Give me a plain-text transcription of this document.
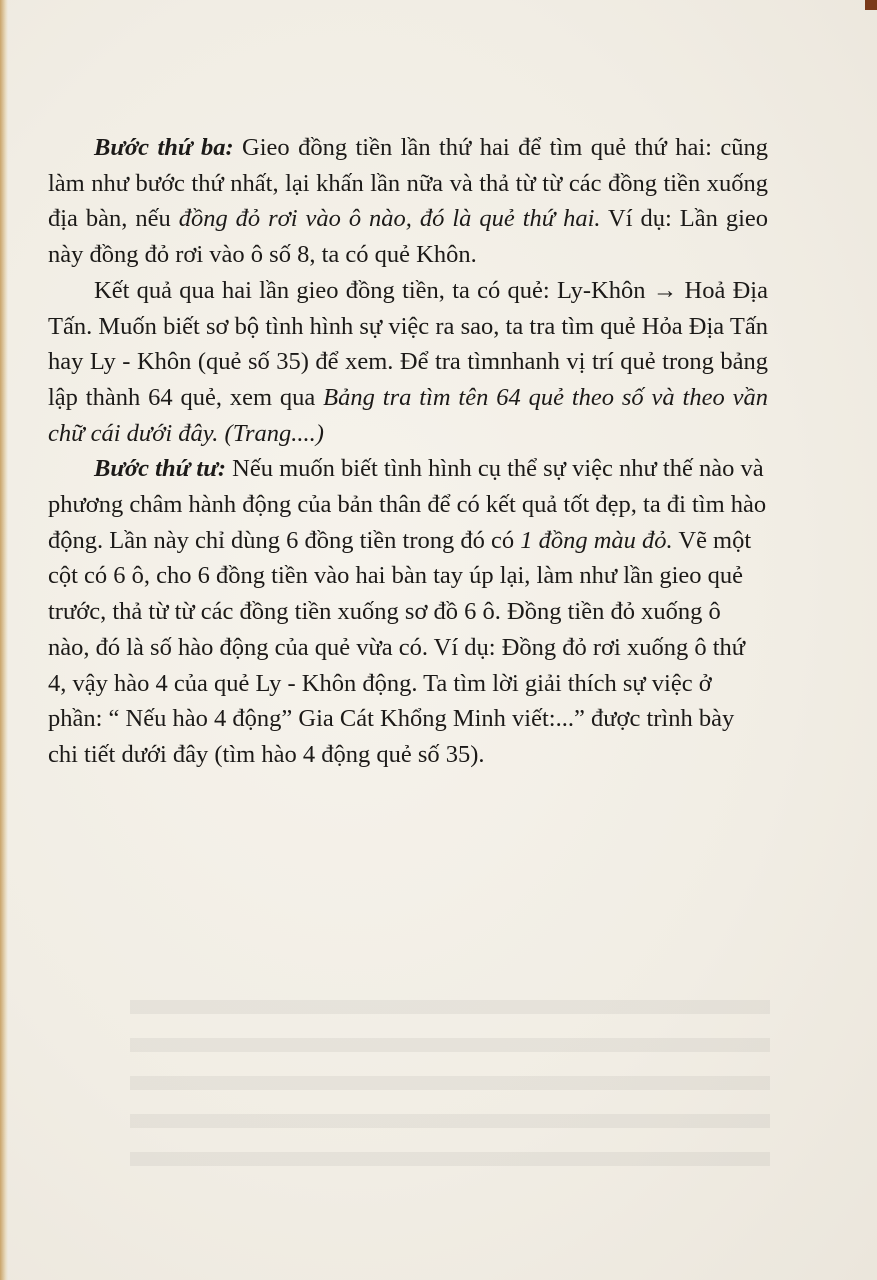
Bước thứ ba: Gieo đồng tiền lần thứ hai để tìm quẻ thứ hai: cũng làm như bước thứ nhất, lại khấn lần nữa và thả từ từ các đồng tiền xuống địa bàn, nếu đồng đỏ rơi vào ô nào, đó là quẻ thứ hai. Ví dụ: Lần gieo này đồng đỏ rơi vào ô số 8, ta có quẻ Khôn.

Kết quả qua hai lần gieo đồng tiền, ta có quẻ: Ly-Khôn → Hoả Địa Tấn. Muốn biết sơ bộ tình hình sự việc ra sao, ta tra tìm quẻ Hỏa Địa Tấn hay Ly - Khôn (quẻ số 35) để xem. Để tra tìmnhanh vị trí quẻ trong bảng lập thành 64 quẻ, xem qua Bảng tra tìm tên 64 quẻ theo số và theo vần chữ cái dưới đây. (Trang....)

Bước thứ tư: Nếu muốn biết tình hình cụ thể sự việc như thế nào và phương châm hành động của bản thân để có kết quả tốt đẹp, ta đi tìm hào động. Lần này chỉ dùng 6 đồng tiền trong đó có 1 đồng màu đỏ. Vẽ một cột có 6 ô, cho 6 đồng tiền vào hai bàn tay úp lại, làm như lần gieo quẻ trước, thả từ từ các đồng tiền xuống sơ đồ 6 ô. Đồng tiền đỏ xuống ô nào, đó là số hào động của quẻ vừa có. Ví dụ: Đồng đỏ rơi xuống ô thứ 4, vậy hào 4 của quẻ Ly - Khôn động. Ta tìm lời giải thích sự việc ở phần: “ Nếu hào 4 động” Gia Cát Khổng Minh viết:...” được trình bày chi tiết dưới đây (tìm hào 4 động quẻ số 35).
